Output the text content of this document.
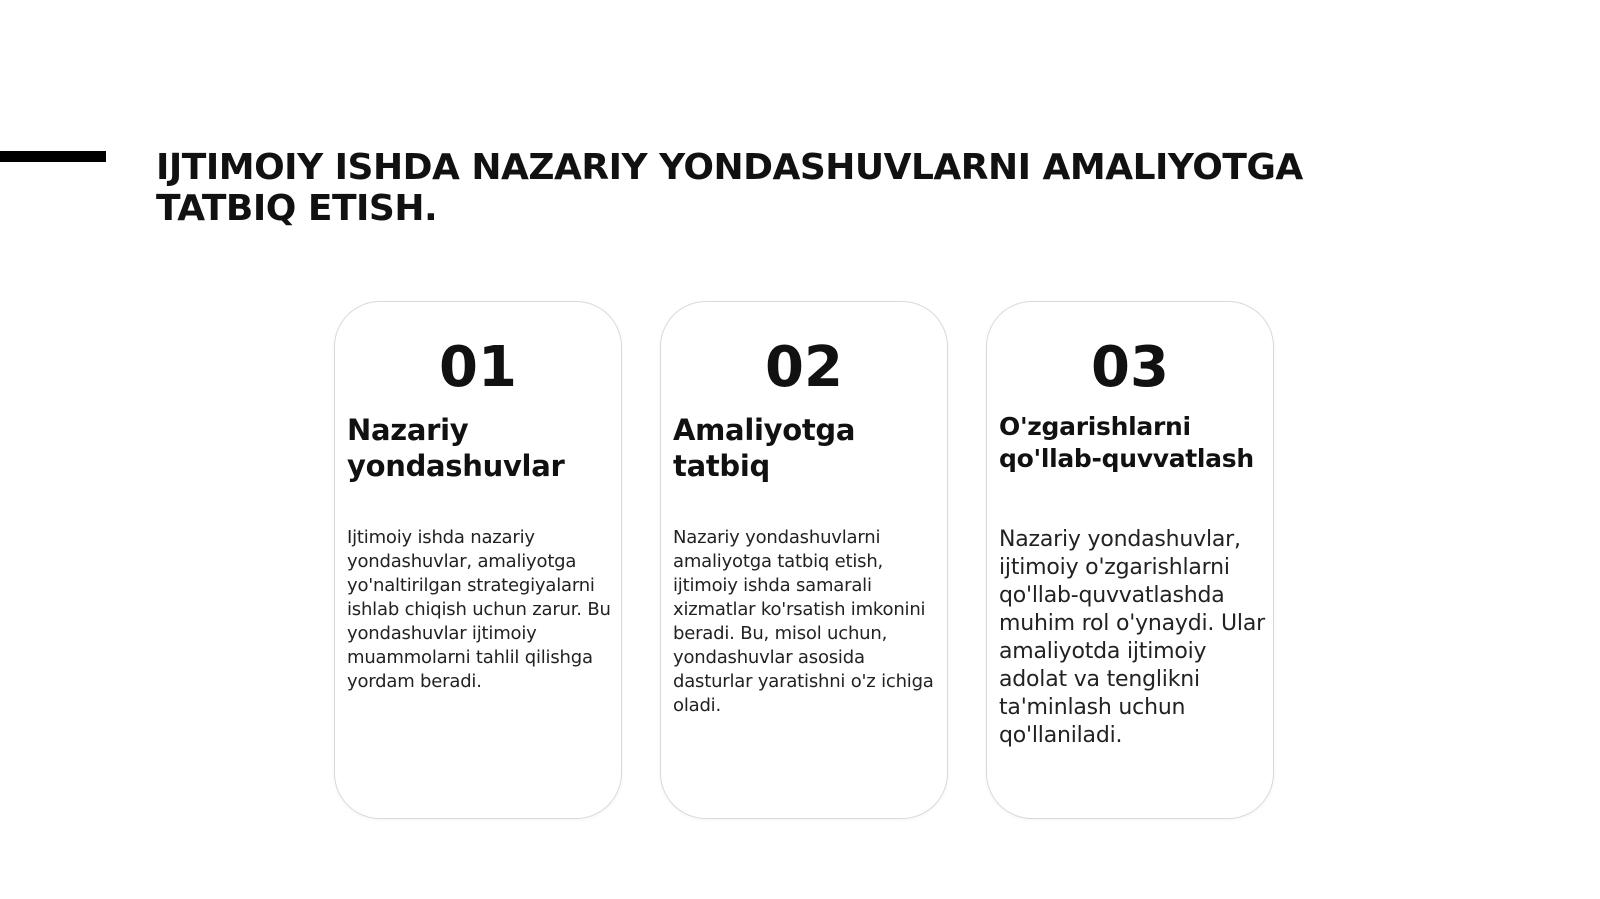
IJTIMOIY ISHDA NAZARIY YONDASHUVLARNI AMALIYOTGA TATBIQ ETISH.
01
Nazariy yondashuvlar
Ijtimoiy ishda nazariy yondashuvlar, amaliyotga yo'naltirilgan strategiyalarni ishlab chiqish uchun zarur. Bu yondashuvlar ijtimoiy muammolarni tahlil qilishga yordam beradi.
02
Amaliyotga tatbiq
Nazariy yondashuvlarni amaliyotga tatbiq etish, ijtimoiy ishda samarali xizmatlar ko'rsatish imkonini beradi. Bu, misol uchun, yondashuvlar asosida dasturlar yaratishni o'z ichiga oladi.
03
O'zgarishlarni qo'llab-quvvatlash
Nazariy yondashuvlar, ijtimoiy o'zgarishlarni qo'llab-quvvatlashda muhim rol o'ynaydi. Ular amaliyotda ijtimoiy adolat va tenglikni ta'minlash uchun qo'llaniladi.
